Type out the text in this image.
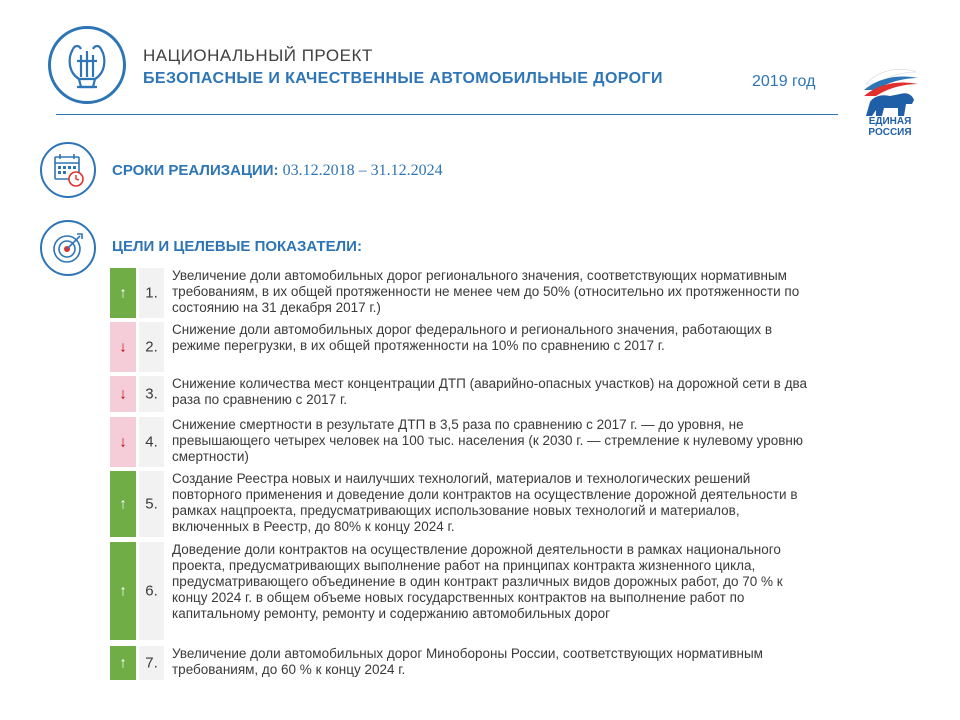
НАЦИОНАЛЬНЫЙ ПРОЕКТ
БЕЗОПАСНЫЕ И КАЧЕСТВЕННЫЕ АВТОМОБИЛЬНЫЕ ДОРОГИ	2019 год
ЕДИНАЯ
РОССИЯ
СРОКИ РЕАЛИЗАЦИИ: 03.12.2018 – 31.12.2024
ЦЕЛИ И ЦЕЛЕВЫЕ ПОКАЗАТЕЛИ:
↑	1.
Увеличение доли автомобильных дорог регионального значения, соответствующих нормативным требованиям, в их общей протяженности не менее чем до 50% (относительно их протяженности по состоянию на 31 декабря 2017 г.)
↓	2.
Снижение доли автомобильных дорог федерального и регионального значения, работающих в режиме перегрузки, в их общей протяженности на 10% по сравнению с 2017 г.
↓	3.
Снижение количества мест концентрации ДТП (аварийно-опасных участков) на дорожной сети в два раза по сравнению с 2017 г.
↓	4.
Снижение смертности в результате ДТП в 3,5 раза по сравнению с 2017 г. — до уровня, не превышающего четырех человек на 100 тыс. населения (к 2030 г. — стремление к нулевому уровню смертности)
↑	5.
Создание Реестра новых и наилучших технологий, материалов и технологических решений повторного применения и доведение доли контрактов на осуществление дорожной деятельности в рамках нацпроекта, предусматривающих использование новых технологий и материалов, включенных в Реестр, до 80% к концу 2024 г.
↑	6.
Доведение доли контрактов на осуществление дорожной деятельности в рамках национального проекта, предусматривающих выполнение работ на принципах контракта жизненного цикла, предусматривающего объединение в один контракт различных видов дорожных работ, до 70 % к концу 2024 г. в общем объеме новых государственных контрактов на выполнение работ по капитальному ремонту, ремонту и содержанию автомобильных дорог
↑	7.
Увеличение доли автомобильных дорог Минобороны России, соответствующих нормативным требованиям, до 60 % к концу 2024 г.
